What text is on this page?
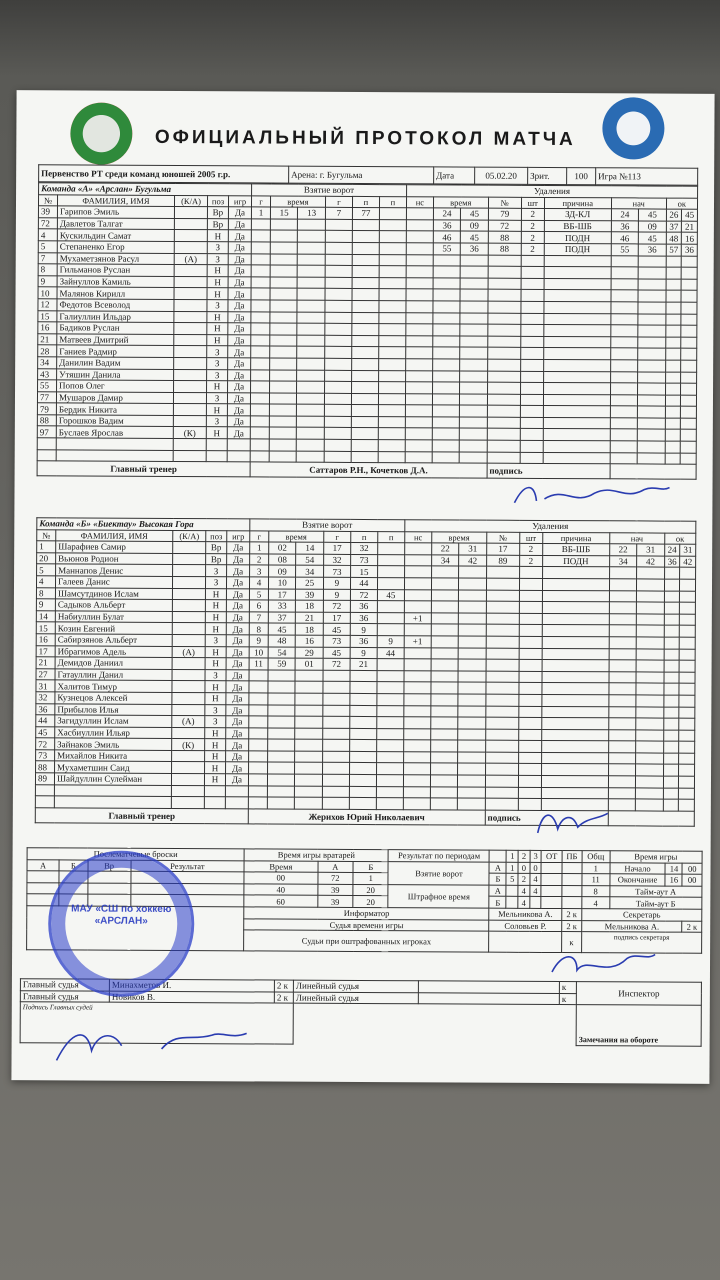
ОФИЦИАЛЬНЫЙ ПРОТОКОЛ МАТЧА
Первенство РТ среди команд юношей 2005 г.р.	Арена: г. Бугульма	Дата	05.02.20	Зрит.	100	Игра №113
Команда «А» «Арслан» Бугульма					Взятие ворот						Удаления									
№	ФАМИЛИЯ, ИМЯ	(К/А)	поз	игр	г	время		г	п	п	нс	время		№	шт	причина	нач		ок	
39	Гарипов Эмиль		Вр	Да	1	15	13	7	77			24	45	79	2	ЗД-КЛ	24	45	26	45
72	Давлетов Талгат		Вр	Да								36	09	72	2	ВБ-ШБ	36	09	37	21
4	Кускильдин Самат		Н	Да								46	45	88	2	ПОДН	46	45	48	16
5	Степаненко Егор		З	Да								55	36	88	2	ПОДН	55	36	57	36
7	Мухаметзянов Расул	(А)	З	Да																
8	Гильманов Руслан		Н	Да																
9	Зайнуллов Камиль		Н	Да																
10	Малянов Кирилл		Н	Да																
12	Федотов Всеволод		З	Да																
15	Галиуллин Ильдар		Н	Да																
16	Бадиков Руслан		Н	Да																
21	Матвеев Дмитрий		Н	Да																
28	Ганиев Радмир		З	Да																
34	Данилин Вадим		З	Да																
43	Утяшин Данила		З	Да																
55	Попов Олег		Н	Да																
77	Мушаров Дамир		З	Да																
79	Бердик Никита		Н	Да																
88	Горошков Вадим		З	Да																
97	Буслаев Ярослав	(К)	Н	Да																

Главный тренер					Саттаров Р.Н., Кочетков Д.А.									подпись						
Команда «Б» «Биектау» Высокая Гора					Взятие ворот						Удаления									
№	ФАМИЛИЯ, ИМЯ	(К/А)	поз	игр	г	время		г	п	п	нс	время		№	шт	причина	нач		ок	
1	Шарафиев Самир		Вр	Да	1	02	14	17	32			22	31	17	2	ВБ-ШБ	22	31	24	31
20	Вьюнов Родион		Вр	Да	2	08	54	32	73			34	42	89	2	ПОДН	34	42	36	42
5	Маннапов Денис		З	Да	3	09	34	73	15											
4	Галеев Данис		З	Да	4	10	25	9	44											
8	Шамсутдинов Ислам		Н	Да	5	17	39	9	72	45										
9	Садыков Альберт		Н	Да	6	33	18	72	36											
14	Набиуллин Булат		Н	Да	7	37	21	17	36		+1									
15	Козин Евгений		Н	Да	8	45	18	45	9											
16	Сабирзянов Альберт		З	Да	9	48	16	73	36	9	+1									
17	Ибрагимов Адель	(А)	Н	Да	10	54	29	45	9	44										
21	Демидов Даниил		Н	Да	11	59	01	72	21											
27	Гатауллин Данил		З	Да																
31	Халитов Тимур		Н	Да																
32	Кузнецов Алексей		Н	Да																
36	Прибылов Илья		З	Да																
44	Загидуллин Ислам	(А)	З	Да																
45	Хасбиуллин Ильяр		Н	Да																
72	Зайнаков Эмиль	(К)	Н	Да																
73	Михайлов Никита		Н	Да																
88	Мухаметшин Саид		Н	Да																
89	Шайдуллин Сулейман		Н	Да																

Главный тренер					Жерихов Юрий Николаевич									подпись						
Послематчевые броски				Время игры вратарей			Результат по периодам		1	2	3	ОТ	ПБ	Общ	Время игры		
А	Б	Вр	Результат	Время	А	Б	Взятие ворот	А	1	0	0			1	Начало	14	00
				00	72	1		Б	5	2	4			11	Окончание	16	00
				40	39	20	Штрафное время	А		4	4			8	Тайм-аут А		
				60	39	20		Б		4				4	Тайм-аут Б		
				Информатор				Мельникова А.					2 к	Секретарь			
				Судья времени игры				Соловьев Р.					2 к	Мельникова А.			2 к
				Судьи при оштрафованных игроках									к	подпись секретаря			
Главный судья	Минахметов И.	2 к	Линейный судья		к	Инспектор
Главный судья	Новиков В.	2 к	Линейный судья		к	
Подпись Главных судей						Замечания на обороте
МАУ «СШ по хоккею «АРСЛАН»
